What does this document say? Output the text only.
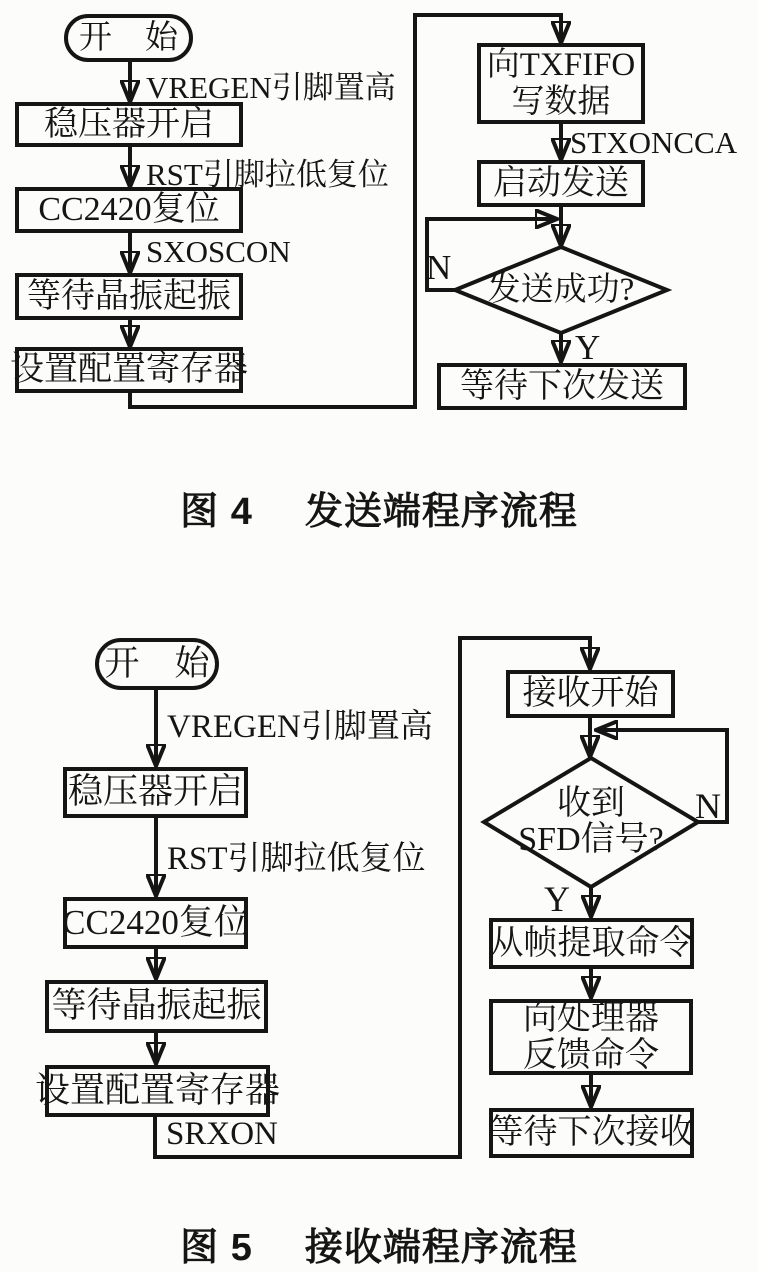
开　始
稳压器开启
CC2420复位
等待晶振起振
设置配置寄存器
向TXFIFO
写数据
启动发送
发送成功?
等待下次发送
VREGEN引脚置高
RST引脚拉低复位
SXOSCON
STXONCCA
N
Y
图 4 发送端程序流程
开　始
稳压器开启
CC2420复位
等待晶振起振
设置配置寄存器
接收开始
收到
SFD信号?
从帧提取命令
向处理器
反馈命令
等待下次接收
VREGEN引脚置高
RST引脚拉低复位
SRXON
N
Y
图 5 接收端程序流程
